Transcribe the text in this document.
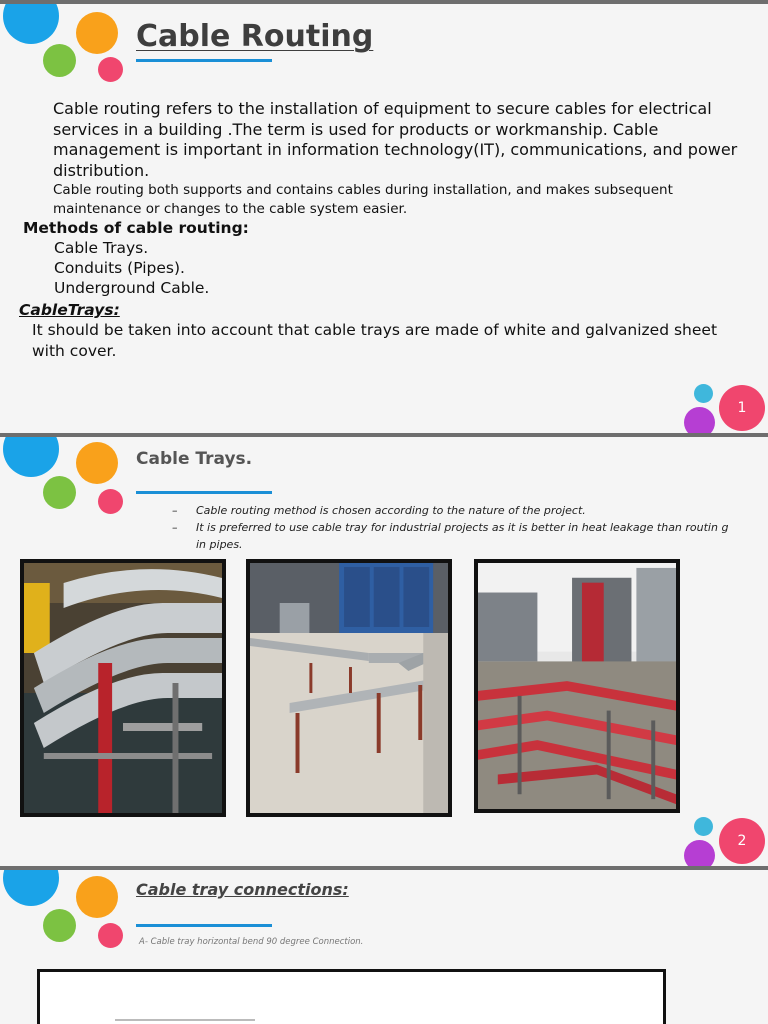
Cable Routing

Cable routing refers to the installation of equipment to secure cables for electrical services in a building .The term is used for products or workmanship. Cable management is important in information technology(IT), communications, and power distribution.

Cable routing both supports and contains cables during installation, and makes subsequent maintenance or changes to the cable system easier.

Methods of cable routing:

Cable Trays.
Conduits (Pipes).
Underground Cable.

CableTrays:

It should be taken into account that cable trays are made of white and galvanized sheet with cover.

1
Cable Trays.
– Cable routing method is chosen according to the nature of the project.
– It is preferred to use cable tray for industrial projects as it is better in heat leakage than routin g in pipes.
2
Cable tray connections:

A- Cable tray horizontal bend 90 degree Connection.
